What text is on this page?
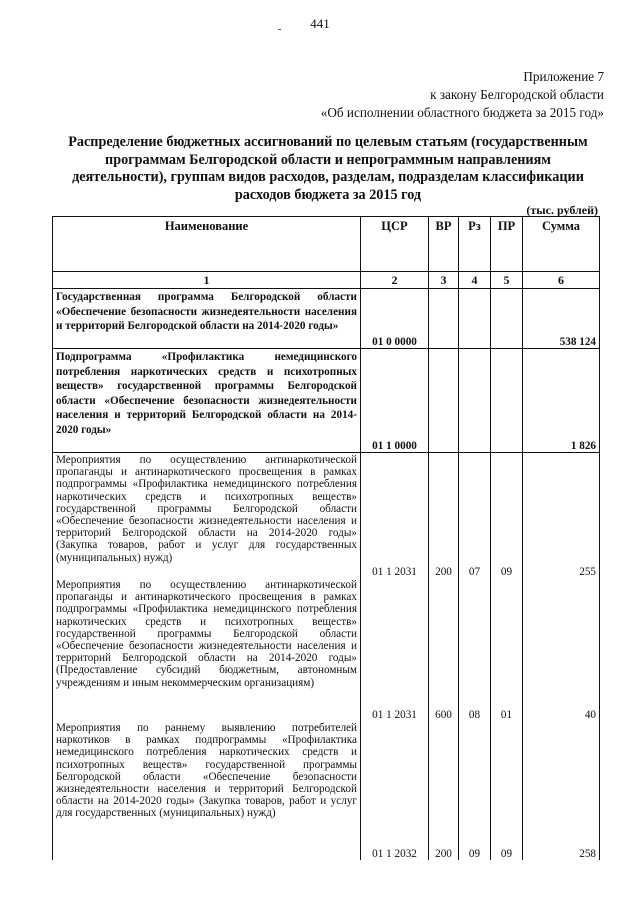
-	441
Приложение 7
к закону Белгородской области
«Об исполнении областного бюджета за 2015 год»
Распределение бюджетных ассигнований по целевым статьям (государственным программам Белгородской области и непрограммным направлениям деятельности), группам видов расходов, разделам, подразделам классификации расходов бюджета за 2015 год
(тыс. рублей)
Наименование	ЦСР	ВР	Рз	ПР	Сумма
1	2	3	4	5	6
Государственная программа Белгородской области «Обеспечение безопасности жизнедеятельности населения и территорий Белгородской области на 2014-2020 годы»	01 0 0000				538 124
Подпрограмма «Профилактика немедицинского потребления наркотических средств и психотропных веществ» государственной программы Белгородской области «Обеспечение безопасности жизнедеятельности населения и территорий Белгородской области на 2014-2020 годы»	01 1 0000				1 826
Мероприятия по осуществлению антинаркотической пропаганды и антинаркотического просвещения в рамках подпрограммы «Профилактика немедицинского потребления наркотических средств и психотропных веществ» государственной программы Белгородской области «Обеспечение безопасности жизнедеятельности населения и территорий Белгородской области на 2014-2020 годы» (Закупка товаров, работ и услуг для государственных (муниципальных) нужд)	01 1 2031	200	07	09	255
Мероприятия по осуществлению антинаркотической пропаганды и антинаркотического просвещения в рамках подпрограммы «Профилактика немедицинского потребления наркотических средств и психотропных веществ» государственной программы Белгородской области «Обеспечение безопасности жизнедеятельности населения и территорий Белгородской области на 2014-2020 годы» (Предоставление субсидий бюджетным, автономным учреждениям и иным некоммерческим организациям)	01 1 2031	600	08	01	40
Мероприятия по раннему выявлению потребителей наркотиков в рамках подпрограммы «Профилактика немедицинского потребления наркотических средств и психотропных веществ» государственной программы Белгородской области «Обеспечение безопасности жизнедеятельности населения и территорий Белгородской области на 2014-2020 годы» (Закупка товаров, работ и услуг для государственных (муниципальных) нужд)	01 1 2032	200	09	09	258
